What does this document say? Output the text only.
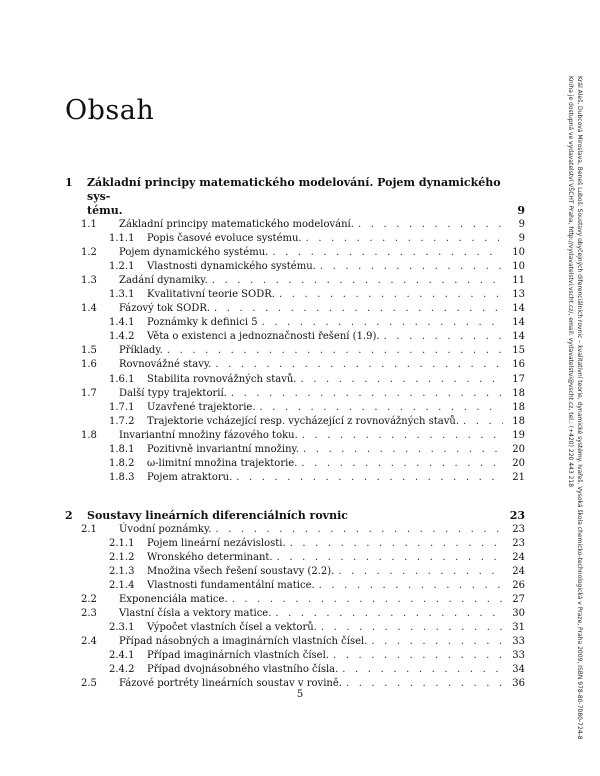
Obsah
1	Základní principy matematického modelování. Pojem dynamického sys-
tému.	9
1.1	Základní principy matematického modelování. . . .	9
1.1.1	Popis časové evoluce systému. . . .	9
1.2	Pojem dynamického systému. . . .	10
1.2.1	Vlastnosti dynamického systému. . . .	10
1.3	Zadání dynamiky. . . .	11
1.3.1	Kvalitativní teorie SODR. . . .	13
1.4	Fázový tok SODR. . . .	14
1.4.1	Poznámky k definici 5 . . .	14
1.4.2	Věta o existenci a jednoznačnosti řešení (1.9). . . .	14
1.5	Příklady. . . .	15
1.6	Rovnovážné stavy. . . .	16
1.6.1	Stabilita rovnovážných stavů. . . .	17
1.7	Další typy trajektorií. . . .	18
1.7.1	Uzavřené trajektorie. . . .	18
1.7.2	Trajektorie vcházející resp. vycházející z rovnovážných stavů. . . .	18
1.8	Invariantní množiny fázového toku. . . .	19
1.8.1	Pozitivně invariantní množiny. . . .	20
1.8.2	ω-limitní množina trajektorie. . . .	20
1.8.3	Pojem atraktoru. . . .	21
2	Soustavy lineárních diferenciálních rovnic	23
2.1	Úvodní poznámky. . . .	23
2.1.1	Pojem lineární nezávislosti. . . .	23
2.1.2	Wronského determinant. . . .	24
2.1.3	Množina všech řešení soustavy (2.2). . . .	24
2.1.4	Vlastnosti fundamentální matice. . . .	26
2.2	Exponenciála matice. . . .	27
2.3	Vlastní čísla a vektory matice. . . .	30
2.3.1	Výpočet vlastních čísel a vektorů. . . .	31
2.4	Případ násobných a imaginárních vlastních čísel. . . .	33
2.4.1	Případ imaginárních vlastních čísel. . . .	33
2.4.2	Případ dvojnásobného vlastního čísla. . . .	34
2.5	Fázové portréty lineárních soustav v rovině. . . .	36
5	Král Aleš, Dubcová Miroslava, Beneš Luboš: Soustavy obyčejných diferenciálních rovnic – kvalitativní teorie, dynamické systémy. Ivařeš. Vysoká škola chemicko-technologická v Praze, Praha 2009, ISBN 978-80-7080-724-8
Kniha je dostupná ve vydavatelství VŠCHT Praha, http://vydavatelstvi.vscht.cz/, email: vydavatelstvi@vscht.cz, tel.: (+420) 220 443 218
